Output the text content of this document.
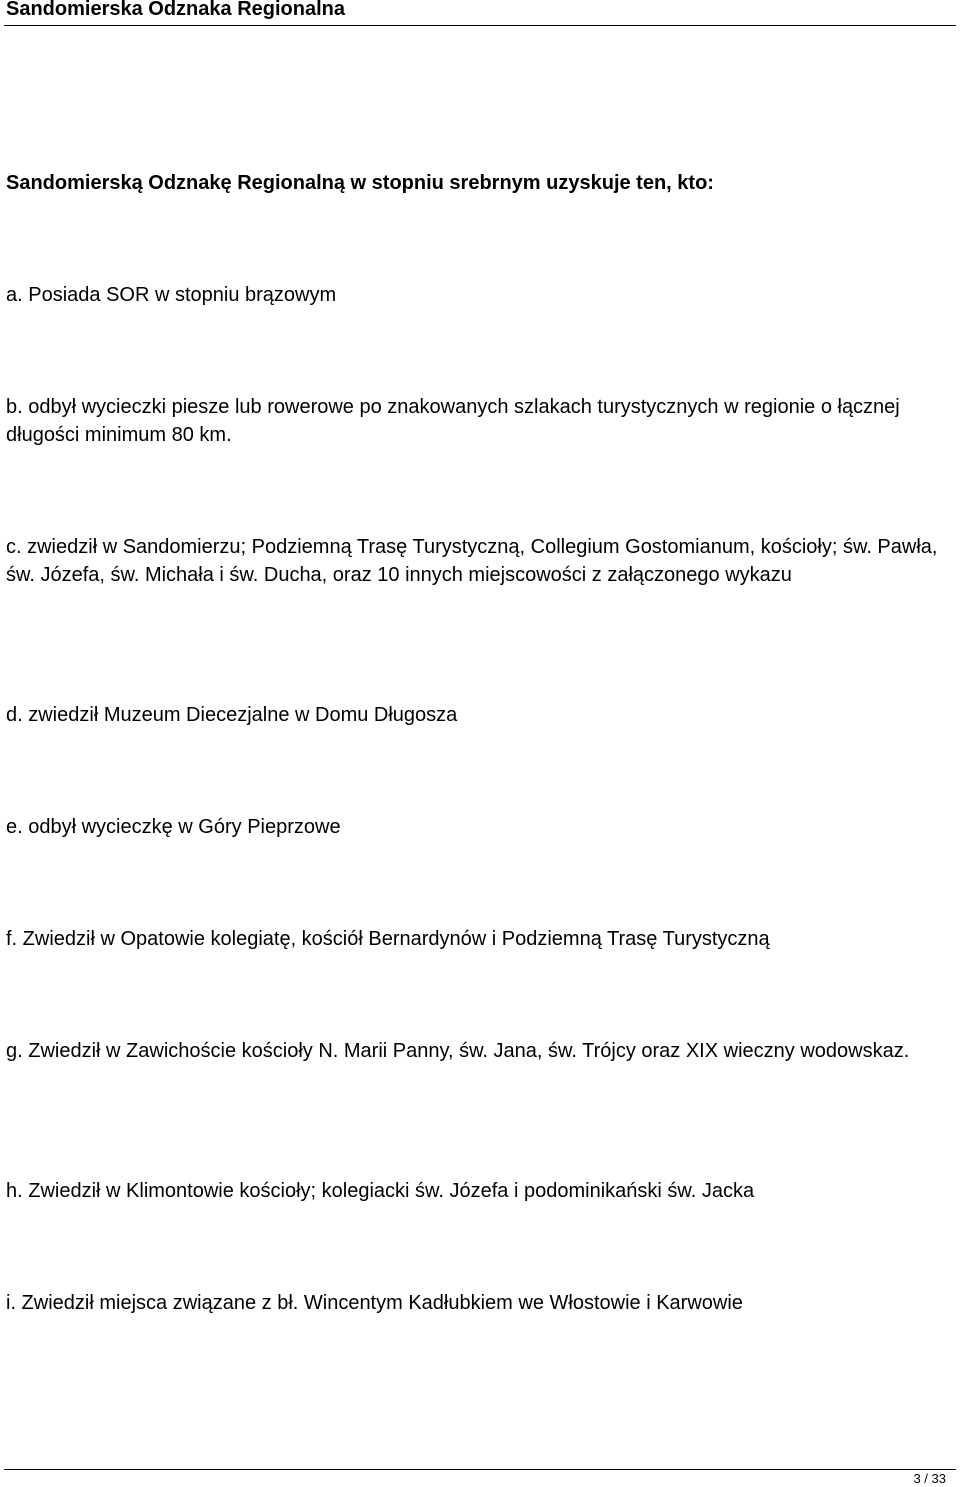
Sandomierska Odznaka Regionalna
Sandomierską Odznakę Regionalną w stopniu srebrnym uzyskuje ten, kto:

a. Posiada SOR w stopniu brązowym

b. odbył wycieczki piesze lub rowerowe po znakowanych szlakach turystycznych w regionie o łącznej długości minimum 80 km.

c. zwiedził w Sandomierzu; Podziemną Trasę Turystyczną, Collegium Gostomianum, kościoły; św. Pawła, św. Józefa, św. Michała i św. Ducha, oraz 10 innych miejscowości z załączonego wykazu

d. zwiedził Muzeum Diecezjalne w Domu Długosza

e. odbył wycieczkę w Góry Pieprzowe

f. Zwiedził w Opatowie kolegiatę, kościół Bernardynów i Podziemną Trasę Turystyczną

g. Zwiedził w Zawichoście kościoły N. Marii Panny, św. Jana, św. Trójcy oraz XIX wieczny wodowskaz.

h. Zwiedził w Klimontowie kościoły; kolegiacki św. Józefa i podominikański św. Jacka

i. Zwiedził miejsca związane z bł. Wincentym Kadłubkiem we Włostowie i Karwowie

3 / 33
